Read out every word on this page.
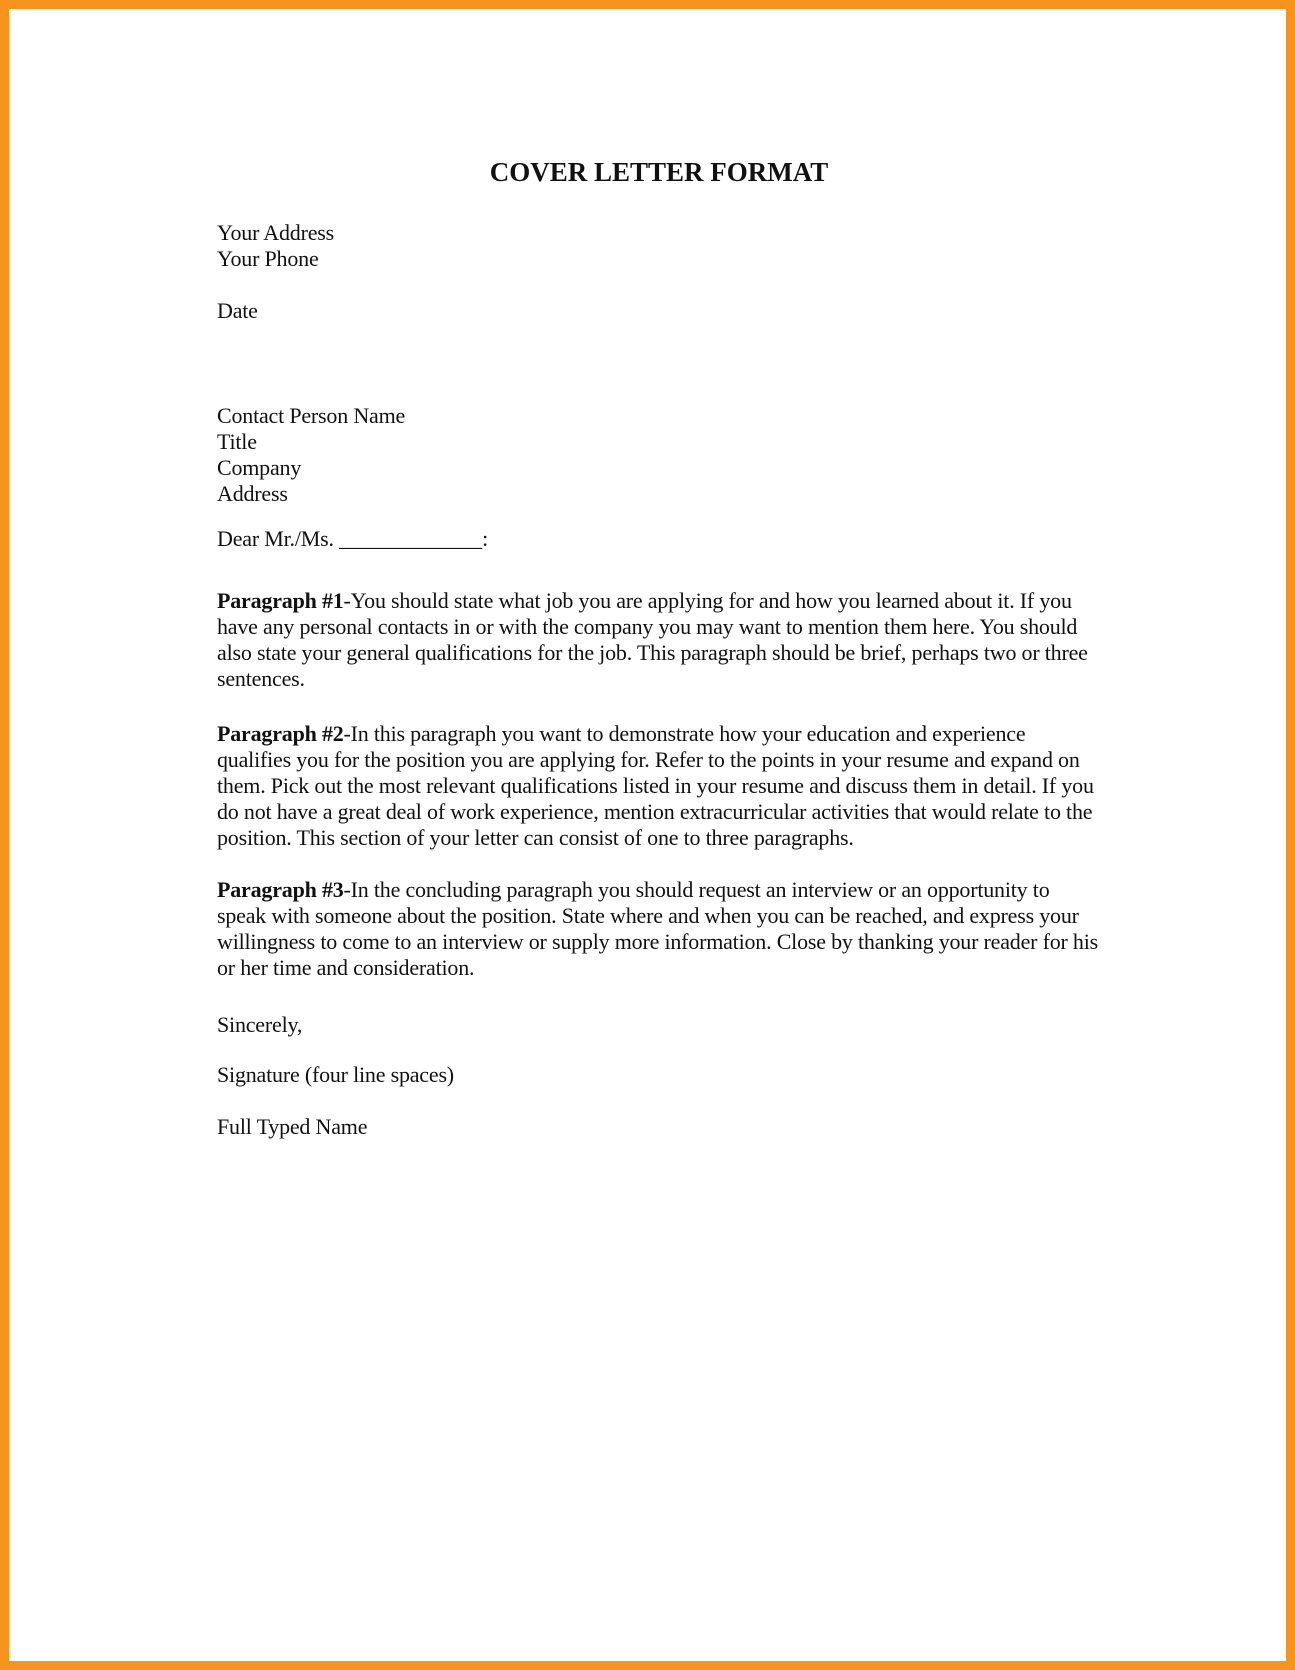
COVER LETTER FORMAT
Your Address
Your Phone
Date
Contact Person Name
Title
Company
Address
Dear Mr./Ms. _____________:
Paragraph #1-You should state what job you are applying for and how you learned about it. If you have any personal contacts in or with the company you may want to mention them here. You should also state your general qualifications for the job. This paragraph should be brief, perhaps two or three sentences.
Paragraph #2-In this paragraph you want to demonstrate how your education and experience qualifies you for the position you are applying for. Refer to the points in your resume and expand on them. Pick out the most relevant qualifications listed in your resume and discuss them in detail. If you do not have a great deal of work experience, mention extracurricular activities that would relate to the position. This section of your letter can consist of one to three paragraphs.
Paragraph #3-In the concluding paragraph you should request an interview or an opportunity to speak with someone about the position. State where and when you can be reached, and express your willingness to come to an interview or supply more information. Close by thanking your reader for his or her time and consideration.
Sincerely,
Signature (four line spaces)
Full Typed Name
